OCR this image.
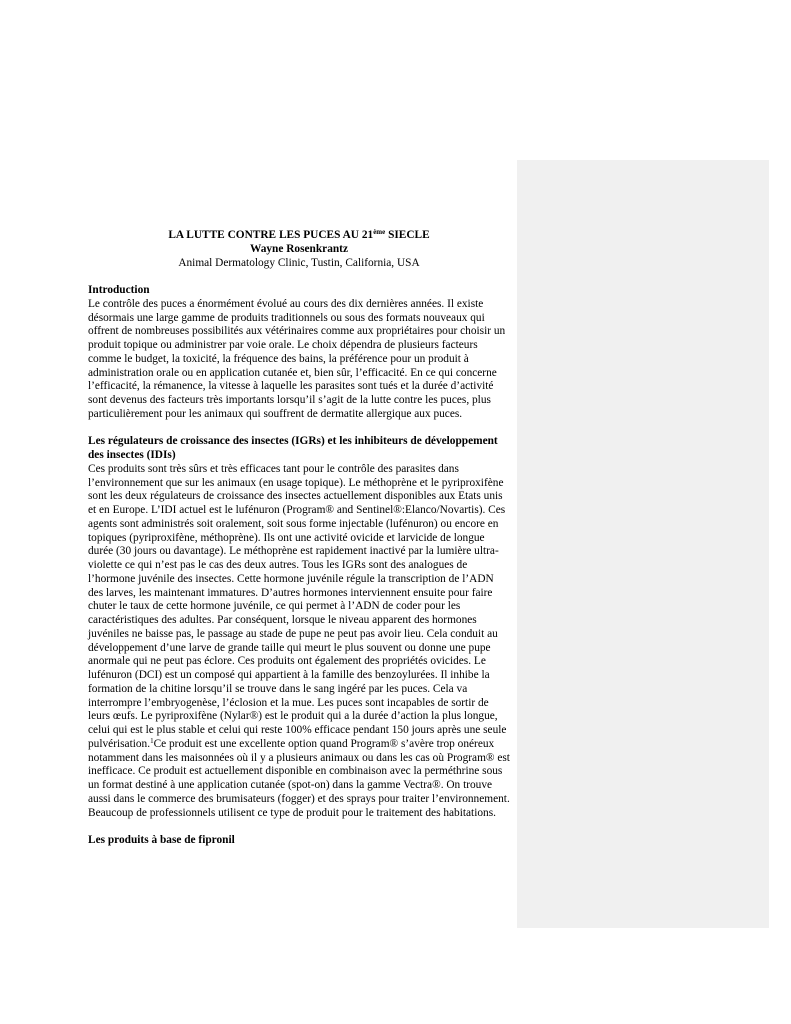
LA LUTTE CONTRE LES PUCES AU 21ème SIECLE
Wayne Rosenkrantz
Animal Dermatology Clinic, Tustin, California, USA

Introduction

Le contrôle des puces a énormément évolué au cours des dix dernières années. Il existe désormais une large gamme de produits traditionnels ou sous des formats nouveaux qui offrent de nombreuses possibilités aux vétérinaires comme aux propriétaires pour choisir un produit topique ou administrer par voie orale. Le choix dépendra de plusieurs facteurs comme le budget, la toxicité, la fréquence des bains, la préférence pour un produit à administration orale ou en application cutanée et, bien sûr, l’efficacité. En ce qui concerne l’efficacité, la rémanence, la vitesse à laquelle les parasites sont tués et la durée d’activité sont devenus des facteurs très importants lorsqu’il s’agit de la lutte contre les puces, plus particulièrement pour les animaux qui souffrent de dermatite allergique aux puces.

Les régulateurs de croissance des insectes (IGRs) et les inhibiteurs de développement des insectes (IDIs)

Ces produits sont très sûrs et très efficaces tant pour le contrôle des parasites dans l’environnement que sur les animaux (en usage topique). Le méthoprène et le pyriproxifène sont les deux régulateurs de croissance des insectes actuellement disponibles aux Etats unis et en Europe. L’IDI actuel est le lufénuron (Program® and Sentinel®:Elanco/Novartis). Ces agents sont administrés soit oralement, soit sous forme injectable (lufénuron) ou encore en topiques (pyriproxifène, méthoprène). Ils ont une activité ovicide et larvicide de longue durée (30 jours ou davantage). Le méthoprène est rapidement inactivé par la lumière ultra-violette ce qui n’est pas le cas des deux autres. Tous les IGRs sont des analogues de l’hormone juvénile des insectes. Cette hormone juvénile régule la transcription de l’ADN des larves, les maintenant immatures. D’autres hormones interviennent ensuite pour faire chuter le taux de cette hormone juvénile, ce qui permet à l’ADN de coder pour les caractéristiques des adultes. Par conséquent, lorsque le niveau apparent des hormones juvéniles ne baisse pas, le passage au stade de pupe ne peut pas avoir lieu. Cela conduit au développement d’une larve de grande taille qui meurt le plus souvent ou donne une pupe anormale qui ne peut pas éclore. Ces produits ont également des propriétés ovicides. Le lufénuron (DCI) est un composé qui appartient à la famille des benzoylurées. Il inhibe la formation de la chitine lorsqu’il se trouve dans le sang ingéré par les puces. Cela va interrompre l’embryogenèse, l’éclosion et la mue. Les puces sont incapables de sortir de leurs œufs. Le pyriproxifène (Nylar®) est le produit qui a la durée d’action la plus longue, celui qui est le plus stable et celui qui reste 100% efficace pendant 150 jours après une seule pulvérisation.$^1$Ce produit est une excellente option quand Program® s’avère trop onéreux notamment dans les maisonnées où il y a plusieurs animaux ou dans les cas où Program® est inefficace. Ce produit est actuellement disponible en combinaison avec la perméthrine sous un format destiné à une application cutanée (spot-on) dans la gamme Vectra®. On trouve aussi dans le commerce des brumisateurs (fogger) et des sprays pour traiter l’environnement. Beaucoup de professionnels utilisent ce type de produit pour le traitement des habitations.

Les produits à base de fipronil
